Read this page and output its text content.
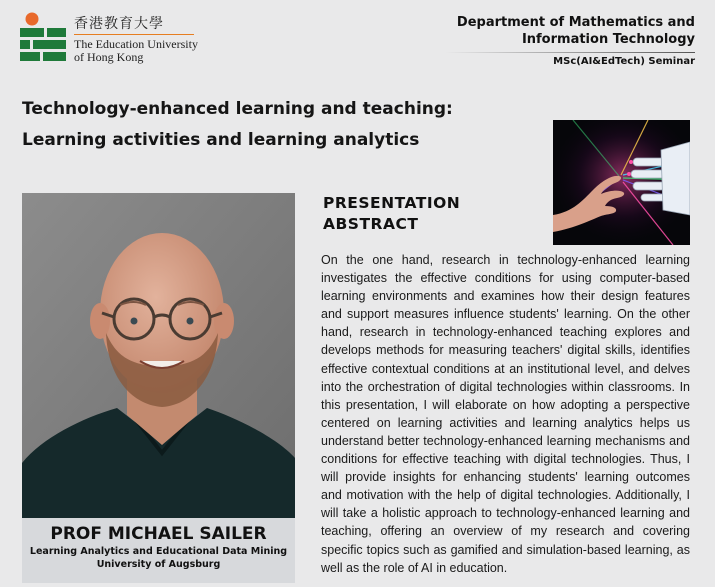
香港教育大學
The Education University
of Hong Kong
Department of Mathematics and
Information Technology
MSc(AI&EdTech) Seminar
Technology-enhanced learning and teaching:
Learning activities and learning analytics
PROF MICHAEL SAILER
Learning Analytics and Educational Data Mining
University of Augsburg
PRESENTATION
ABSTRACT
On the one hand, research in technology-enhanced learning investigates the effective conditions for using computer-based learning environments and examines how their design features and support measures influence students' learning. On the other hand, research in technology-enhanced teaching explores and develops methods for measuring teachers' digital skills, identifies effective contextual conditions at an institutional level, and delves into the orchestration of digital technologies within classrooms. In this presentation, I will elaborate on how adopting a perspective centered on learning activities and learning analytics helps us understand better technology-enhanced learning mechanisms and conditions for effective teaching with digital technologies. Thus, I will provide insights for enhancing students' learning outcomes and motivation with the help of digital technologies. Additionally, I will take a holistic approach to technology-enhanced learning and teaching, offering an overview of my research and covering specific topics such as gamified and simulation-based learning, as well as the role of AI in education.
